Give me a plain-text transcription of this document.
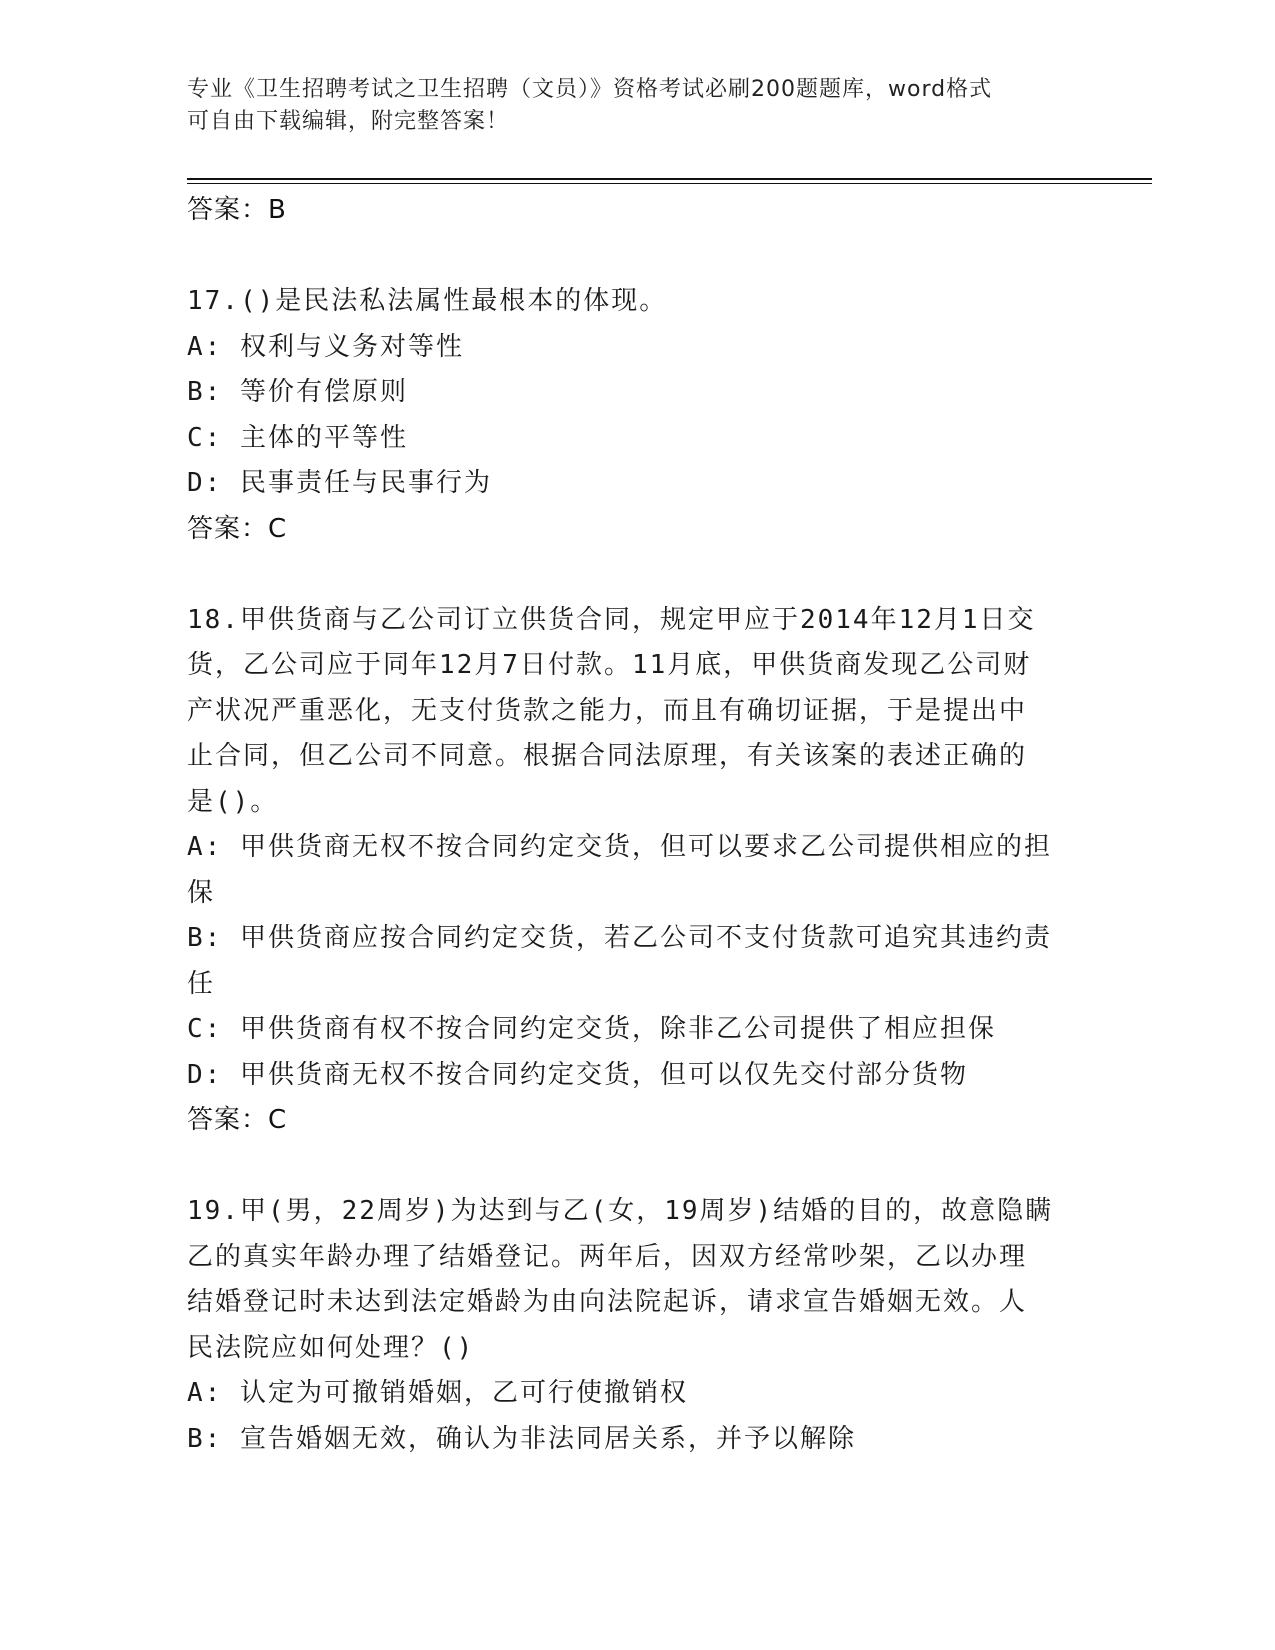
专业《卫生招聘考试之卫生招聘（文员）》资格考试必刷200题题库，word格式
可自由下载编辑，附完整答案！
答案：B
17.()是民法私法属性最根本的体现。
A: 权利与义务对等性
B: 等价有偿原则
C: 主体的平等性
D: 民事责任与民事行为
答案：C
18.甲供货商与乙公司订立供货合同，规定甲应于2014年12月1日交
货，乙公司应于同年12月7日付款。11月底，甲供货商发现乙公司财
产状况严重恶化，无支付货款之能力，而且有确切证据，于是提出中
止合同，但乙公司不同意。根据合同法原理，有关该案的表述正确的
是()。
A: 甲供货商无权不按合同约定交货，但可以要求乙公司提供相应的担
保
B: 甲供货商应按合同约定交货，若乙公司不支付货款可追究其违约责
任
C: 甲供货商有权不按合同约定交货，除非乙公司提供了相应担保
D: 甲供货商无权不按合同约定交货，但可以仅先交付部分货物
答案：C
19.甲(男，22周岁)为达到与乙(女，19周岁)结婚的目的，故意隐瞒
乙的真实年龄办理了结婚登记。两年后，因双方经常吵架，乙以办理
结婚登记时未达到法定婚龄为由向法院起诉，请求宣告婚姻无效。人
民法院应如何处理？()
A: 认定为可撤销婚姻，乙可行使撤销权
B: 宣告婚姻无效，确认为非法同居关系，并予以解除
